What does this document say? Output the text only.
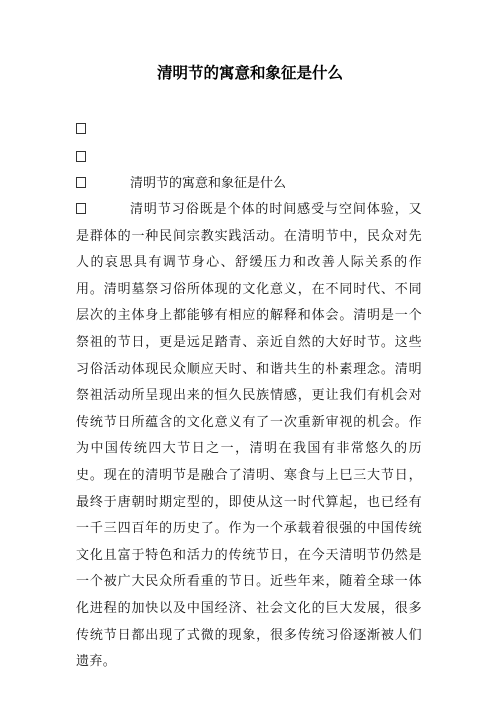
清明节的寓意和象征是什么
清明节的寓意和象征是什么
清明节习俗既是个体的时间感受与空间体验，又是群体的一种民间宗教实践活动。在清明节中，民众对先人的哀思具有调节身心、舒缓压力和改善人际关系的作用。清明墓祭习俗所体现的文化意义，在不同时代、不同层次的主体身上都能够有相应的解释和体会。清明是一个祭祖的节日，更是远足踏青、亲近自然的大好时节。这些习俗活动体现民众顺应天时、和谐共生的朴素理念。清明祭祖活动所呈现出来的恒久民族情感，更让我们有机会对传统节日所蕴含的文化意义有了一次重新审视的机会。作为中国传统四大节日之一，清明在我国有非常悠久的历史。现在的清明节是融合了清明、寒食与上巳三大节日，最终于唐朝时期定型的，即使从这一时代算起，也已经有一千三四百年的历史了。作为一个承载着很强的中国传统文化且富于特色和活力的传统节日，在今天清明节仍然是一个被广大民众所看重的节日。近些年来，随着全球一体化进程的加快以及中国经济、社会文化的巨大发展，很多传统节日都出现了式微的现象，很多传统习俗逐渐被人们遗弃。
